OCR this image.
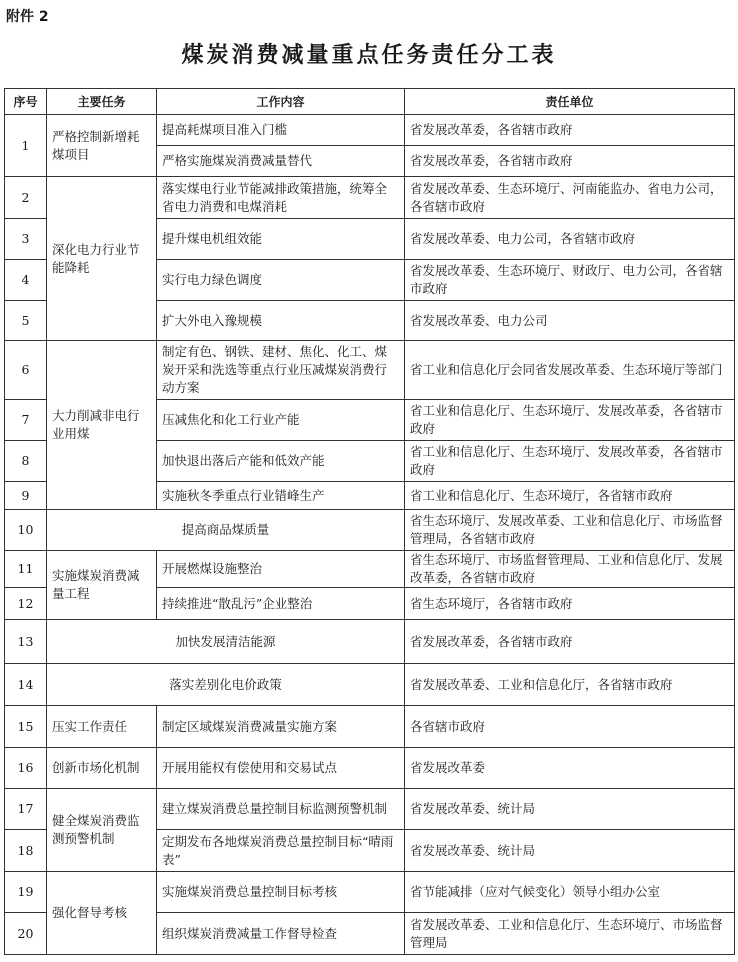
附件 2
煤炭消费减量重点任务责任分工表
序号	主要任务	工作内容	责任单位
1	严格控制新增耗煤项目	提高耗煤项目准入门槛	省发展改革委，各省辖市政府
		严格实施煤炭消费减量替代	省发展改革委，各省辖市政府
2	深化电力行业节能降耗	落实煤电行业节能减排政策措施，统筹全省电力消费和电煤消耗	省发展改革委、生态环境厅、河南能监办、省电力公司，各省辖市政府
3		提升煤电机组效能	省发展改革委、电力公司，各省辖市政府
4		实行电力绿色调度	省发展改革委、生态环境厅、财政厅、电力公司，各省辖市政府
5		扩大外电入豫规模	省发展改革委、电力公司
6	大力削减非电行业用煤	制定有色、钢铁、建材、焦化、化工、煤炭开采和洗选等重点行业压减煤炭消费行动方案	省工业和信息化厅会同省发展改革委、生态环境厅等部门
7		压减焦化和化工行业产能	省工业和信息化厅、生态环境厅、发展改革委，各省辖市政府
8		加快退出落后产能和低效产能	省工业和信息化厅、生态环境厅、发展改革委，各省辖市政府
9		实施秋冬季重点行业错峰生产	省工业和信息化厅、生态环境厅，各省辖市政府
10	提高商品煤质量		省生态环境厅、发展改革委、工业和信息化厅、市场监督管理局，各省辖市政府
11	实施煤炭消费减量工程	开展燃煤设施整治	省生态环境厅、市场监督管理局、工业和信息化厅、发展改革委，各省辖市政府
12		持续推进“散乱污”企业整治	省生态环境厅，各省辖市政府
13	加快发展清洁能源		省发展改革委，各省辖市政府
14	落实差别化电价政策		省发展改革委、工业和信息化厅，各省辖市政府
15	压实工作责任	制定区域煤炭消费减量实施方案	各省辖市政府
16	创新市场化机制	开展用能权有偿使用和交易试点	省发展改革委
17	健全煤炭消费监测预警机制	建立煤炭消费总量控制目标监测预警机制	省发展改革委、统计局
18		定期发布各地煤炭消费总量控制目标“晴雨表”	省发展改革委、统计局
19	强化督导考核	实施煤炭消费总量控制目标考核	省节能减排（应对气候变化）领导小组办公室
20		组织煤炭消费减量工作督导检查	省发展改革委、工业和信息化厅、生态环境厅、市场监督管理局
